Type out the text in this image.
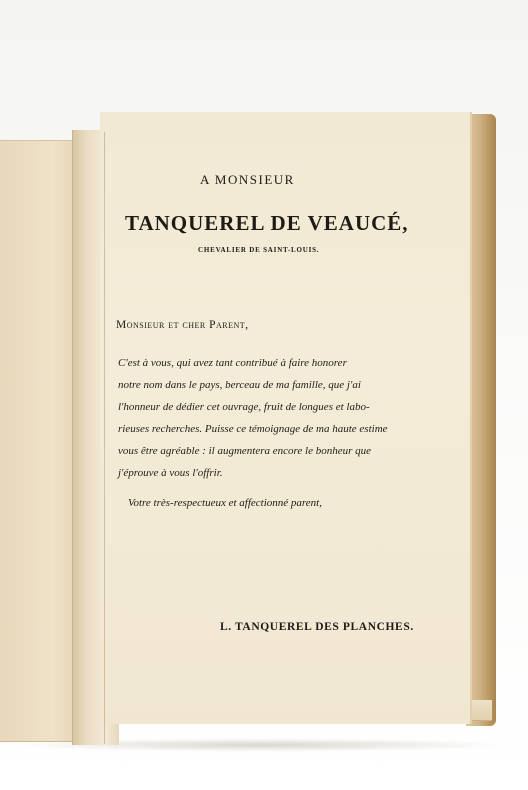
A MONSIEUR
TANQUEREL DE VEAUCÉ,
CHEVALIER DE SAINT-LOUIS.
Monsieur et cher Parent,
C'est à vous, qui avez tant contribué à faire honorer
notre nom dans le pays, berceau de ma famille, que j'ai
l'honneur de dédier cet ouvrage, fruit de longues et labo-
rieuses recherches. Puisse ce témoignage de ma haute estime
vous être agréable : il augmentera encore le bonheur que
j'éprouve à vous l'offrir.
Votre très-respectueux et affectionné parent,
L. TANQUEREL DES PLANCHES.
